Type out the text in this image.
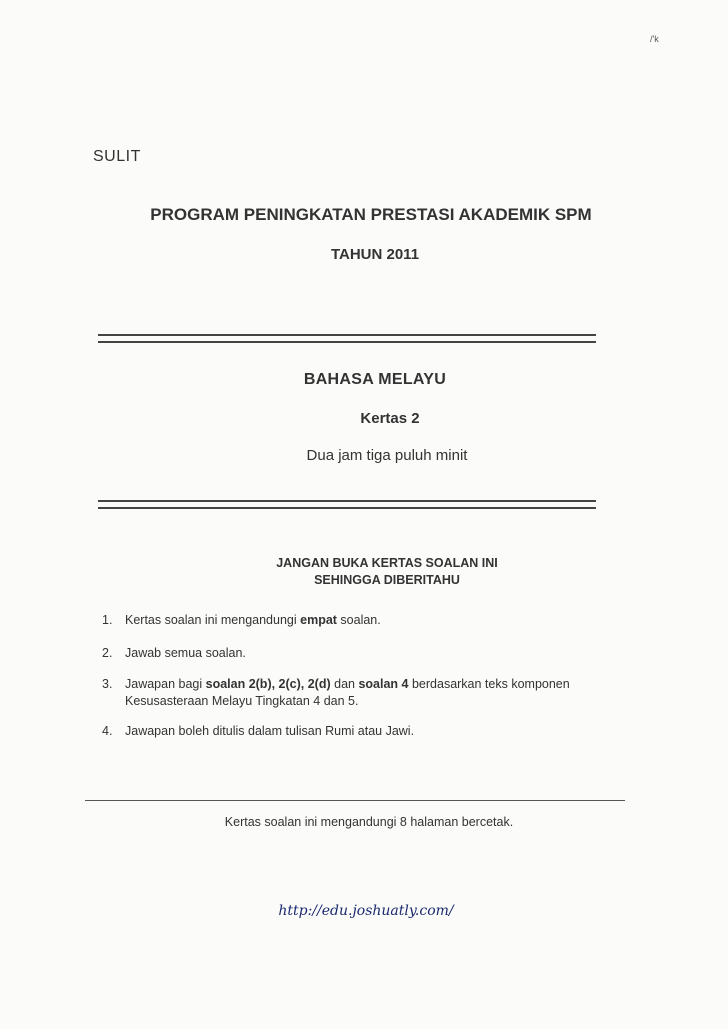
/'k
SULIT
PROGRAM PENINGKATAN PRESTASI AKADEMIK SPM
TAHUN 2011
BAHASA MELAYU
Kertas 2
Dua jam tiga puluh minit
JANGAN BUKA KERTAS SOALAN INI
SEHINGGA DIBERITAHU
1. Kertas soalan ini mengandungi empat soalan.
2. Jawab semua soalan.
3. Jawapan bagi soalan 2(b), 2(c), 2(d) dan soalan 4 berdasarkan teks komponen
Kesusasteraan Melayu Tingkatan 4 dan 5.
4. Jawapan boleh ditulis dalam tulisan Rumi atau Jawi.
Kertas soalan ini mengandungi 8 halaman bercetak.
http://edu.joshuatly.com/
